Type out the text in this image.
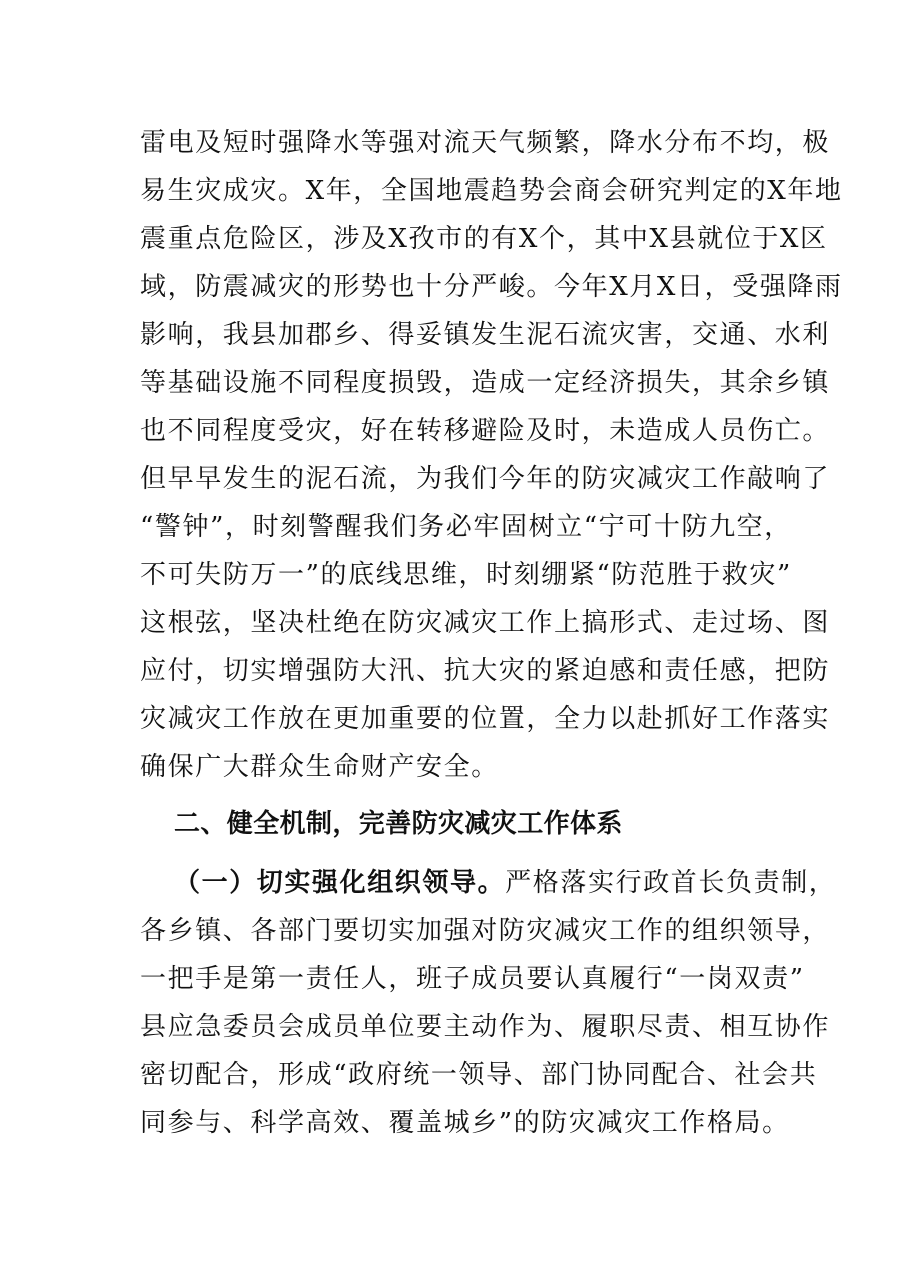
雷电及短时强降水等强对流天气频繁，降水分布不均，极
易生灾成灾。X年，全国地震趋势会商会研究判定的X年地
震重点危险区，涉及X孜市的有X个，其中X县就位于X区
域，防震减灾的形势也十分严峻。今年X月X日，受强降雨
影响，我县加郡乡、得妥镇发生泥石流灾害，交通、水利
等基础设施不同程度损毁，造成一定经济损失，其余乡镇
也不同程度受灾，好在转移避险及时，未造成人员伤亡。
但早早发生的泥石流，为我们今年的防灾减灾工作敲响了
“警钟”，时刻警醒我们务必牢固树立“宁可十防九空，
不可失防万一”的底线思维，时刻绷紧“防范胜于救灾”
这根弦，坚决杜绝在防灾减灾工作上搞形式、走过场、图
应付，切实增强防大汛、抗大灾的紧迫感和责任感，把防
灾减灾工作放在更加重要的位置，全力以赴抓好工作落实
确保广大群众生命财产安全。
二、健全机制，完善防灾减灾工作体系
（一）切实强化组织领导。严格落实行政首长负责制，
各乡镇、各部门要切实加强对防灾减灾工作的组织领导，
一把手是第一责任人，班子成员要认真履行“一岗双责”
县应急委员会成员单位要主动作为、履职尽责、相互协作
密切配合，形成“政府统一领导、部门协同配合、社会共
同参与、科学高效、覆盖城乡”的防灾减灾工作格局。
